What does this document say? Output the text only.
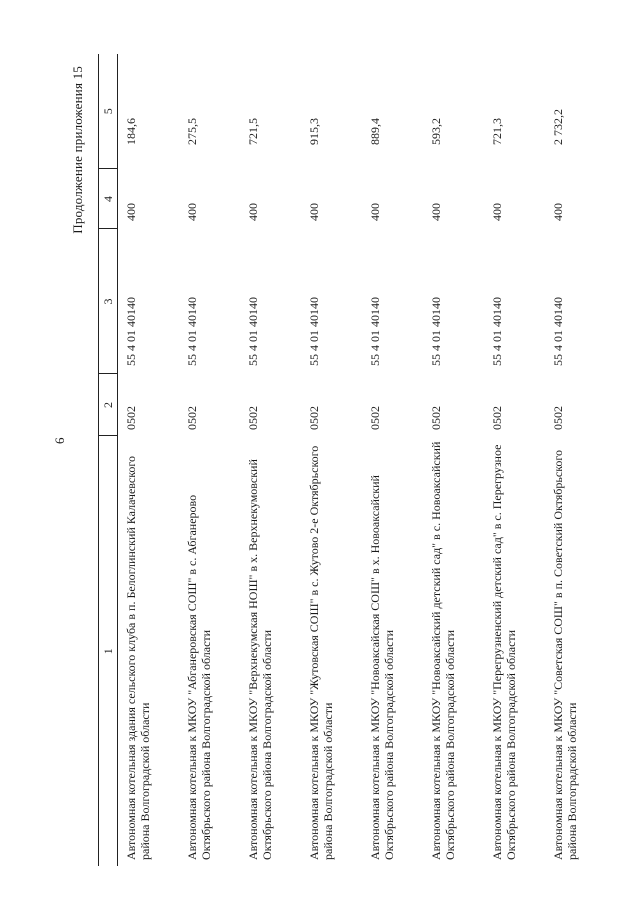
6
Продолжение приложения 15
1	2	3	4	5
Автономная котельная здания сельского клуба в п. Белоглинский Калачевского района Волгоградской области	0502	55 4 01 40140	400	184,6
Автономная котельная к МКОУ "Абганеровская СОШ" в с. Абганерово Октябрьского района Волгоградской области	0502	55 4 01 40140	400	275,5
Автономная котельная к МКОУ "Верхнекумская НОШ" в х. Верхнекумовский Октябрьского района Волгоградской области	0502	55 4 01 40140	400	721,5
Автономная котельная к МКОУ "Жутовская СОШ" в с. Жутово 2-е Октябрьского района Волгоградской области	0502	55 4 01 40140	400	915,3
Автономная котельная к МКОУ "Новоаксайская СОШ" в х. Новоаксайский Октябрьского района Волгоградской области	0502	55 4 01 40140	400	889,4
Автономная котельная к МКОУ "Новоаксайский детский сад" в с. Новоаксайский Октябрьского района Волгоградской области	0502	55 4 01 40140	400	593,2
Автономная котельная к МКОУ "Перегрузненский детский сад" в с. Перегрузное Октябрьского района Волгоградской области	0502	55 4 01 40140	400	721,3
Автономная котельная к МКОУ "Советская СОШ" в п. Советский Октябрьского района Волгоградской области	0502	55 4 01 40140	400	2 732,2
